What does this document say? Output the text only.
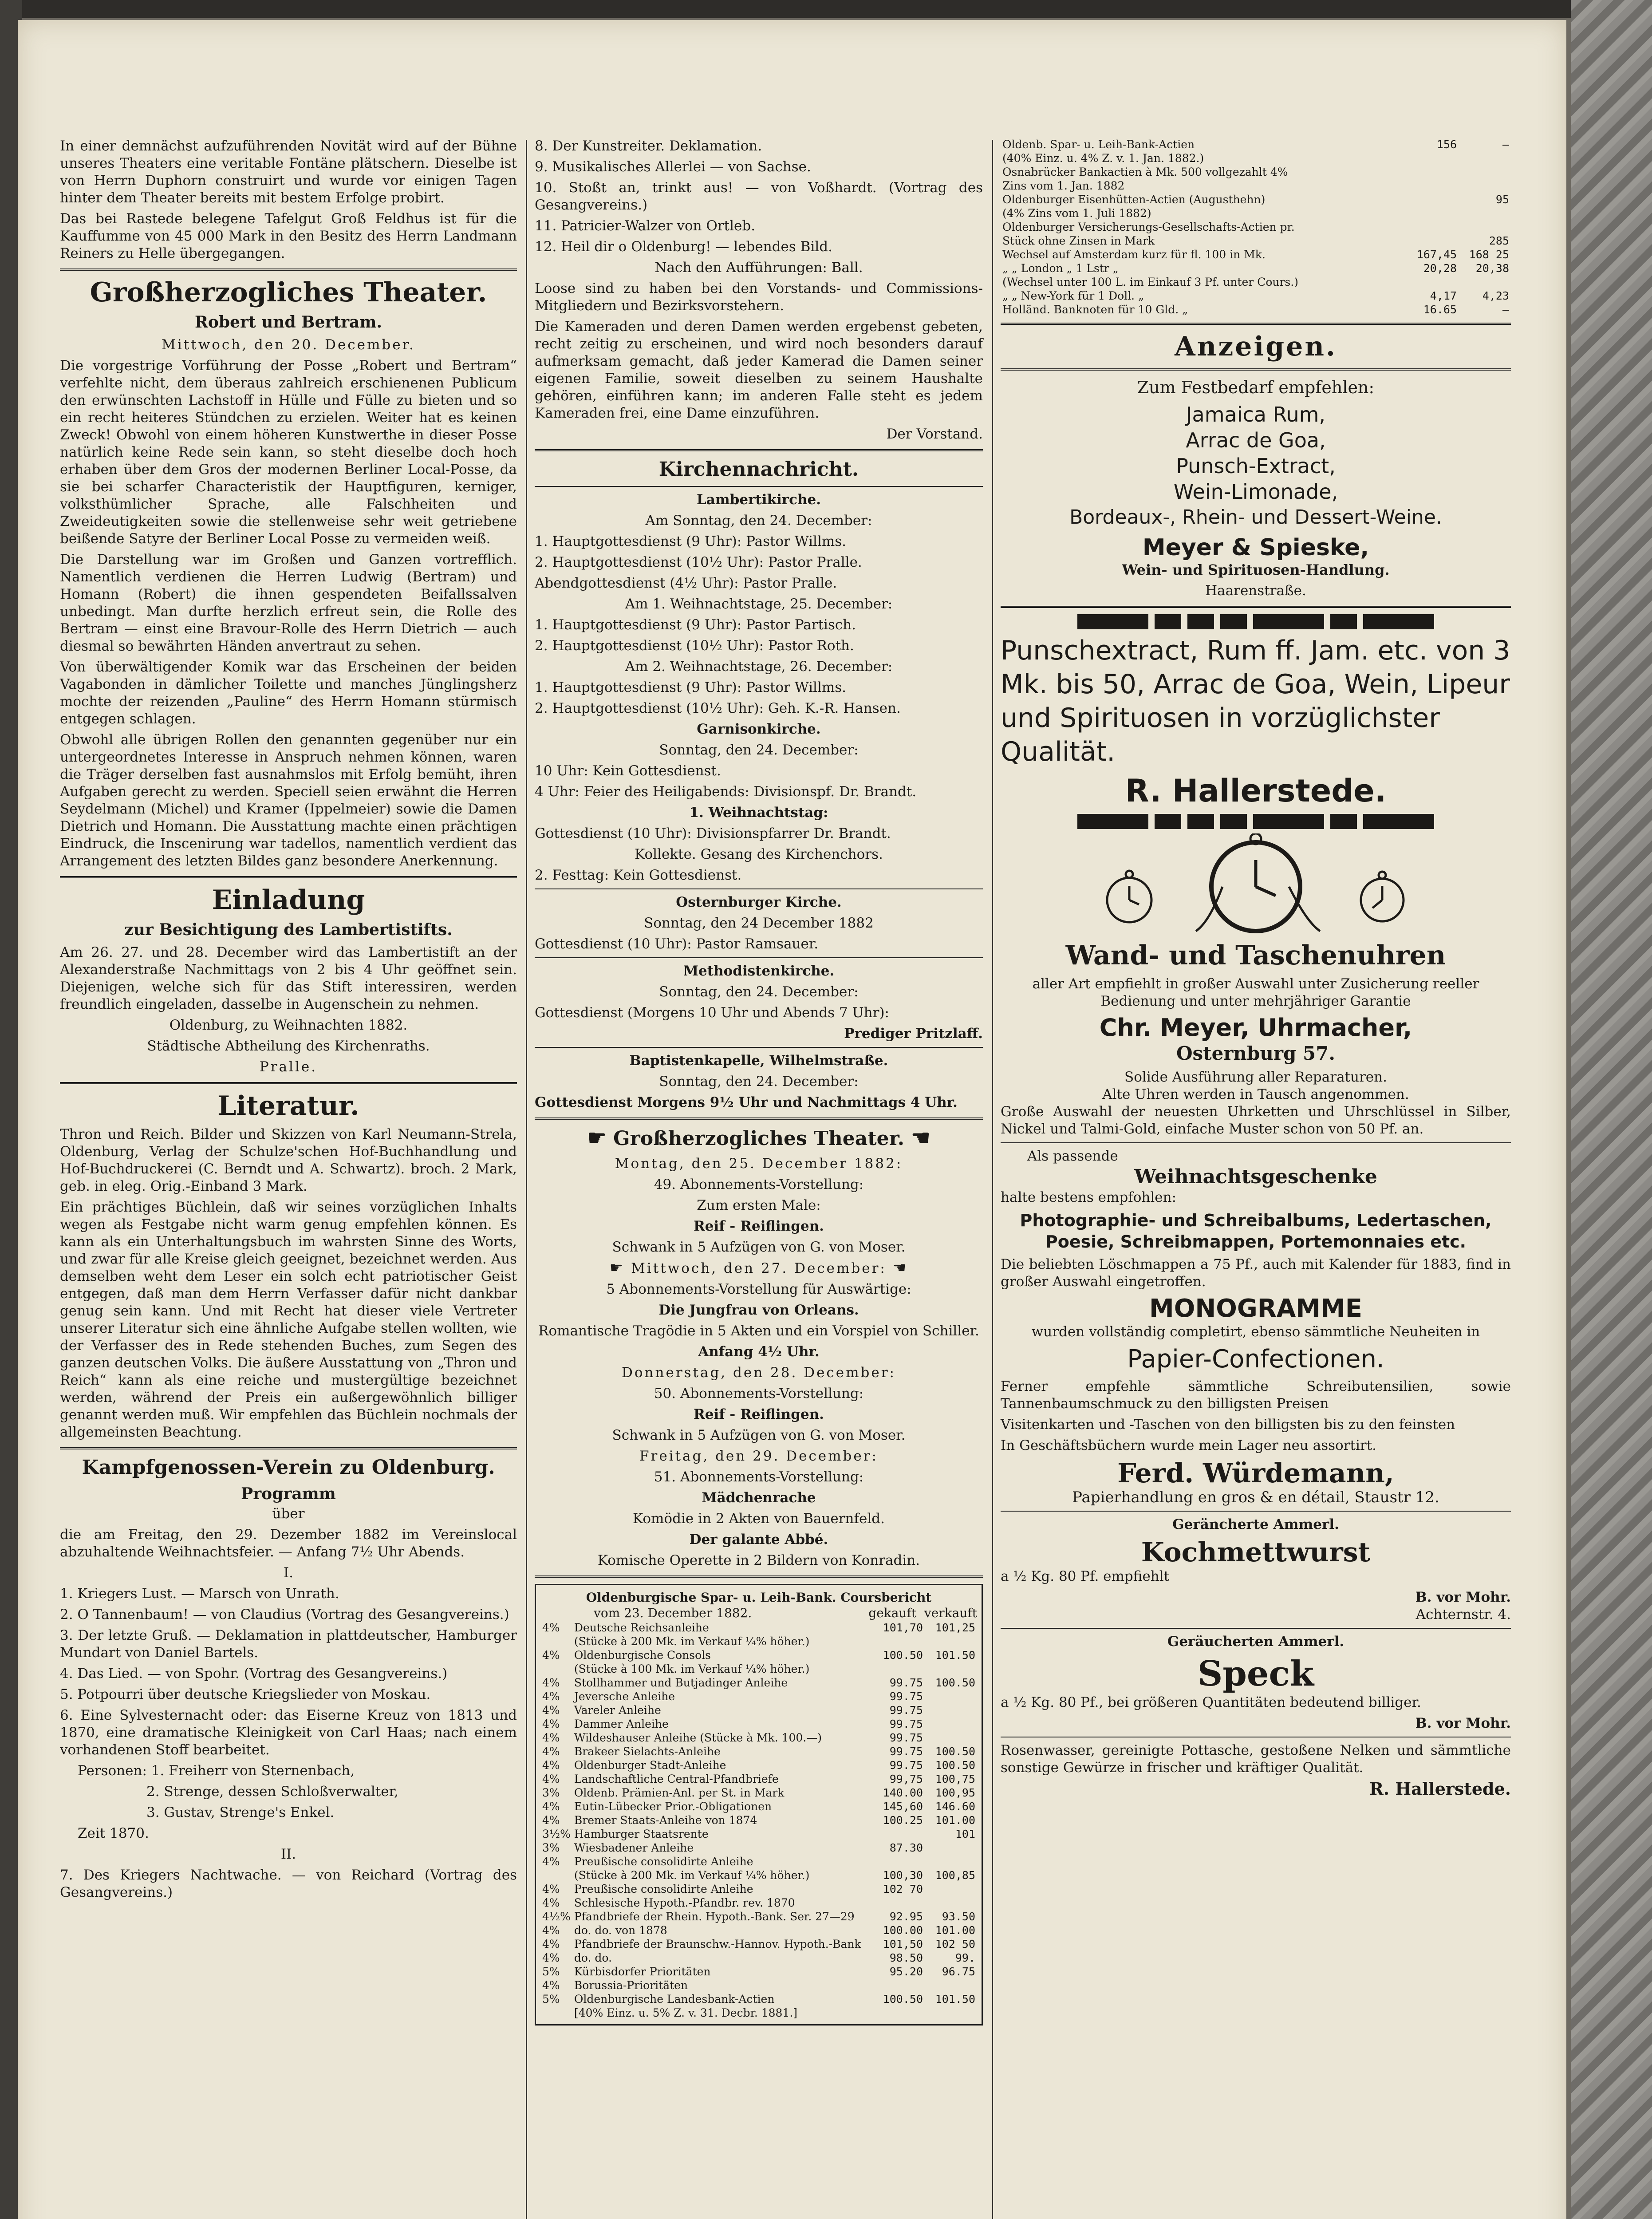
In einer demnächst aufzuführenden Novität wird auf der Bühne unseres Theaters eine veritable Fontäne plätschern. Dieselbe ist von Herrn Duphorn construirt und wurde vor einigen Tagen hinter dem Theater bereits mit bestem Erfolge probirt.

Das bei Rastede belegene Tafelgut Groß Feldhus ist für die Kauffumme von 45 000 Mark in den Besitz des Herrn Landmann Reiners zu Helle übergegangen.

Großherzogliches Theater.
Robert und Bertram.

Mittwoch, den 20. December.

Die vorgestrige Vorführung der Posse „Robert und Bertram“ verfehlte nicht, dem überaus zahlreich erschienenen Publicum den erwünschten Lachstoff in Hülle und Fülle zu bieten und so ein recht heiteres Stündchen zu erzielen. Weiter hat es keinen Zweck! Obwohl von einem höheren Kunstwerthe in dieser Posse natürlich keine Rede sein kann, so steht dieselbe doch hoch erhaben über dem Gros der modernen Berliner Local-Posse, da sie bei scharfer Characteristik der Hauptfiguren, kerniger, volksthümlicher Sprache, alle Falschheiten und Zweideutigkeiten sowie die stellenweise sehr weit getriebene beißende Satyre der Berliner Local Posse zu vermeiden weiß.

Die Darstellung war im Großen und Ganzen vortrefflich. Namentlich verdienen die Herren Ludwig (Bertram) und Homann (Robert) die ihnen gespendeten Beifallssalven unbedingt. Man durfte herzlich erfreut sein, die Rolle des Bertram — einst eine Bravour-Rolle des Herrn Dietrich — auch diesmal so bewährten Händen anvertraut zu sehen.

Von überwältigender Komik war das Erscheinen der beiden Vagabonden in dämlicher Toilette und manches Jünglingsherz mochte der reizenden „Pauline“ des Herrn Homann stürmisch entgegen schlagen.

Obwohl alle übrigen Rollen den genannten gegenüber nur ein untergeordnetes Interesse in Anspruch nehmen können, waren die Träger derselben fast ausnahmslos mit Erfolg bemüht, ihren Aufgaben gerecht zu werden. Speciell seien erwähnt die Herren Seydelmann (Michel) und Kramer (Ippelmeier) sowie die Damen Dietrich und Homann. Die Ausstattung machte einen prächtigen Eindruck, die Inscenirung war tadellos, namentlich verdient das Arrangement des letzten Bildes ganz besondere Anerkennung.

Einladung
zur Besichtigung des Lambertistifts.

Am 26. 27. und 28. December wird das Lambertistift an der Alexanderstraße Nachmittags von 2 bis 4 Uhr geöffnet sein. Diejenigen, welche sich für das Stift interessiren, werden freundlich eingeladen, dasselbe in Augenschein zu nehmen.

Oldenburg, zu Weihnachten 1882.

Städtische Abtheilung des Kirchenraths.

Pralle.

Literatur.

Thron und Reich. Bilder und Skizzen von Karl Neumann-Strela, Oldenburg, Verlag der Schulze'schen Hof-Buchhandlung und Hof-Buchdruckerei (C. Berndt und A. Schwartz). broch. 2 Mark, geb. in eleg. Orig.-Einband 3 Mark.

Ein prächtiges Büchlein, daß wir seines vorzüglichen Inhalts wegen als Festgabe nicht warm genug empfehlen können. Es kann als ein Unterhaltungsbuch im wahrsten Sinne des Worts, und zwar für alle Kreise gleich geeignet, bezeichnet werden. Aus demselben weht dem Leser ein solch echt patriotischer Geist entgegen, daß man dem Herrn Verfasser dafür nicht dankbar genug sein kann. Und mit Recht hat dieser viele Vertreter unserer Literatur sich eine ähnliche Aufgabe stellen wollten, wie der Verfasser des in Rede stehenden Buches, zum Segen des ganzen deutschen Volks. Die äußere Ausstattung von „Thron und Reich“ kann als eine reiche und mustergültige bezeichnet werden, während der Preis ein außergewöhnlich billiger genannt werden muß. Wir empfehlen das Büchlein nochmals der allgemeinsten Beachtung.

Kampfgenossen-Verein zu Oldenburg.
Programm

über

die am Freitag, den 29. Dezember 1882 im Vereinslocal abzuhaltende Weihnachtsfeier. — Anfang 7½ Uhr Abends.

I.

1. Kriegers Lust. — Marsch von Unrath.

2. O Tannenbaum! — von Claudius (Vortrag des Gesangvereins.)

3. Der letzte Gruß. — Deklamation in plattdeutscher, Hamburger Mundart von Daniel Bartels.

4. Das Lied. — von Spohr. (Vortrag des Gesangvereins.)

5. Potpourri über deutsche Kriegslieder von Moskau.

6. Eine Sylvesternacht oder: das Eiserne Kreuz von 1813 und 1870, eine dramatische Kleinigkeit von Carl Haas; nach einem vorhandenen Stoff bearbeitet.

Personen: 1. Freiherr von Sternenbach,

2. Strenge, dessen Schloßverwalter,

3. Gustav, Strenge's Enkel.

Zeit 1870.

II.

7. Des Kriegers Nachtwache. — von Reichard (Vortrag des Gesangvereins.)

8. Der Kunstreiter. Deklamation.

9. Musikalisches Allerlei — von Sachse.

10. Stoßt an, trinkt aus! — von Voßhardt. (Vortrag des Gesangvereins.)

11. Patricier-Walzer von Ortleb.

12. Heil dir o Oldenburg! — lebendes Bild.

Nach den Aufführungen: Ball.

Loose sind zu haben bei den Vorstands- und Commissions-Mitgliedern und Bezirksvorstehern.

Die Kameraden und deren Damen werden ergebenst gebeten, recht zeitig zu erscheinen, und wird noch besonders darauf aufmerksam gemacht, daß jeder Kamerad die Damen seiner eigenen Familie, soweit dieselben zu seinem Haushalte gehören, einführen kann; im anderen Falle steht es jedem Kameraden frei, eine Dame einzuführen.

Der Vorstand.

Kirchennachricht.

Lambertikirche.

Am Sonntag, den 24. December:

1. Hauptgottesdienst (9 Uhr): Pastor Willms.

2. Hauptgottesdienst (10½ Uhr): Pastor Pralle.

Abendgottesdienst (4½ Uhr): Pastor Pralle.

Am 1. Weihnachtstage, 25. December:

1. Hauptgottesdienst (9 Uhr): Pastor Partisch.

2. Hauptgottesdienst (10½ Uhr): Pastor Roth.

Am 2. Weihnachtstage, 26. December:

1. Hauptgottesdienst (9 Uhr): Pastor Willms.

2. Hauptgottesdienst (10½ Uhr): Geh. K.-R. Hansen.

Garnisonkirche.

Sonntag, den 24. December:

10 Uhr: Kein Gottesdienst.

4 Uhr: Feier des Heiligabends: Divisionspf. Dr. Brandt.

1. Weihnachtstag:

Gottesdienst (10 Uhr): Divisionspfarrer Dr. Brandt.

Kollekte. Gesang des Kirchenchors.

2. Festtag: Kein Gottesdienst.

Osternburger Kirche.

Sonntag, den 24 December 1882

Gottesdienst (10 Uhr): Pastor Ramsauer.

Methodistenkirche.

Sonntag, den 24. December:

Gottesdienst (Morgens 10 Uhr und Abends 7 Uhr):

Prediger Pritzlaff.

Baptistenkapelle, Wilhelmstraße.

Sonntag, den 24. December:

Gottesdienst Morgens 9½ Uhr und Nachmittags 4 Uhr.

☛ Großherzogliches Theater. ☚

Montag, den 25. December 1882:

49. Abonnements-Vorstellung:

Zum ersten Male:

Reif - Reiflingen.

Schwank in 5 Aufzügen von G. von Moser.

☛ Mittwoch, den 27. December: ☚

5 Abonnements-Vorstellung für Auswärtige:

Die Jungfrau von Orleans.

Romantische Tragödie in 5 Akten und ein Vorspiel von Schiller.

Anfang 4½ Uhr.

Donnerstag, den 28. December:

50. Abonnements-Vorstellung:

Reif - Reiflingen.

Schwank in 5 Aufzügen von G. von Moser.

Freitag, den 29. December:

51. Abonnements-Vorstellung:

Mädchenrache

Komödie in 2 Akten von Bauernfeld.

Der galante Abbé.

Komische Operette in 2 Bildern von Konradin.

Oldenburgische Spar- u. Leih-Bank. Coursbericht

vom 23. December 1882.	gekauft verkauft
4%	Deutsche Reichsanleihe	101,70	101,25
	(Stücke à 200 Mk. im Verkauf ¼% höher.)		
4%	Oldenburgische Consols	100.50	101.50
	(Stücke à 100 Mk. im Verkauf ¼% höher.)		
4%	Stollhammer und Butjadinger Anleihe	99.75	100.50
4%	Jeversche Anleihe	99.75	
4%	Vareler Anleihe	99.75	
4%	Dammer Anleihe	99.75	
4%	Wildeshauser Anleihe (Stücke à Mk. 100.—)	99.75	
4%	Brakeer Sielachts-Anleihe	99.75	100.50
4%	Oldenburger Stadt-Anleihe	99.75	100.50
4%	Landschaftliche Central-Pfandbriefe	99,75	100,75
3%	Oldenb. Prämien-Anl. per St. in Mark	140.00	100,95
4%	Eutin-Lübecker Prior.-Obligationen	145,60	146.60
4%	Bremer Staats-Anleihe von 1874	100.25	101.00
3½%	Hamburger Staatsrente		101
3%	Wiesbadener Anleihe	87.30	
4%	Preußische consolidirte Anleihe		
	(Stücke à 200 Mk. im Verkauf ¼% höher.)	100,30	100,85
4%	Preußische consolidirte Anleihe	102 70	
4%	Schlesische Hypoth.-Pfandbr. rev. 1870		
4½%	Pfandbriefe der Rhein. Hypoth.-Bank. Ser. 27—29	92.95	93.50
4%	do. do. von 1878	100.00	101.00
4%	Pfandbriefe der Braunschw.-Hannov. Hypoth.-Bank	101,50	102 50
4%	do. do.	98.50	99.
5%	Kürbisdorfer Prioritäten	95.20	96.75
4%	Borussia-Prioritäten		
5%	Oldenburgische Landesbank-Actien	100.50	101.50
	[40% Einz. u. 5% Z. v. 31. Decbr. 1881.]		
Oldenb. Spar- u. Leih-Bank-Actien	156	—
(40% Einz. u. 4% Z. v. 1. Jan. 1882.)		
Osnabrücker Bankactien à Mk. 500 vollgezahlt 4%		
Zins vom 1. Jan. 1882		
Oldenburger Eisenhütten-Actien (Augusthehn)		95
(4% Zins vom 1. Juli 1882)		
Oldenburger Versicherungs-Gesellschafts-Actien pr.		
Stück ohne Zinsen in Mark		285
Wechsel auf Amsterdam kurz für fl. 100 in Mk.	167,45	168 25
„ „ London „ 1 Lstr „	20,28	20,38
(Wechsel unter 100 L. im Einkauf 3 Pf. unter Cours.)		
„ „ New-York für 1 Doll. „	4,17	4,23
Holländ. Banknoten für 10 Gld. „	16.65	—
Anzeigen.

Zum Festbedarf empfehlen:

Jamaica Rum,

Arrac de Goa,

Punsch-Extract,

Wein-Limonade,

Bordeaux-, Rhein- und Dessert-Weine.

Meyer & Spieske,

Wein- und Spirituosen-Handlung.

Haarenstraße.

Punschextract, Rum ff. Jam. etc. von 3 Mk. bis 50, Arrac de Goa, Wein, Lipeur und Spirituosen in vorzüglichster Qualität.

R. Hallerstede.

Wand- und Taschenuhren

aller Art empfiehlt in großer Auswahl unter Zusicherung reeller Bedienung und unter mehrjähriger Garantie

Chr. Meyer, Uhrmacher,

Osternburg 57.

Solide Ausführung aller Reparaturen.

Alte Uhren werden in Tausch angenommen.

Große Auswahl der neuesten Uhrketten und Uhrschlüssel in Silber, Nickel und Talmi-Gold, einfache Muster schon von 50 Pf. an.

Als passende

Weihnachtsgeschenke

halte bestens empfohlen:

Photographie- und Schreibalbums, Ledertaschen, Poesie, Schreibmappen, Portemonnaies etc.

Die beliebten Löschmappen a 75 Pf., auch mit Kalender für 1883, find in großer Auswahl eingetroffen.

MONOGRAMME

wurden vollständig completirt, ebenso sämmtliche Neuheiten in

Papier-Confectionen.

Ferner empfehle sämmtliche Schreibutensilien, sowie Tannenbaumschmuck zu den billigsten Preisen

Visitenkarten und -Taschen von den billigsten bis zu den feinsten

In Geschäftsbüchern wurde mein Lager neu assortirt.

Ferd. Würdemann,

Papierhandlung en gros & en détail, Staustr 12.

Geräncherte Ammerl.

Kochmettwurst

a ½ Kg. 80 Pf. empfiehlt

B. vor Mohr.

Achternstr. 4.

Geräucherten Ammerl.

Speck

a ½ Kg. 80 Pf., bei größeren Quantitäten bedeutend billiger.

B. vor Mohr.

Rosenwasser, gereinigte Pottasche, gestoßene Nelken und sämmtliche sonstige Gewürze in frischer und kräftiger Qualität.

R. Hallerstede.
